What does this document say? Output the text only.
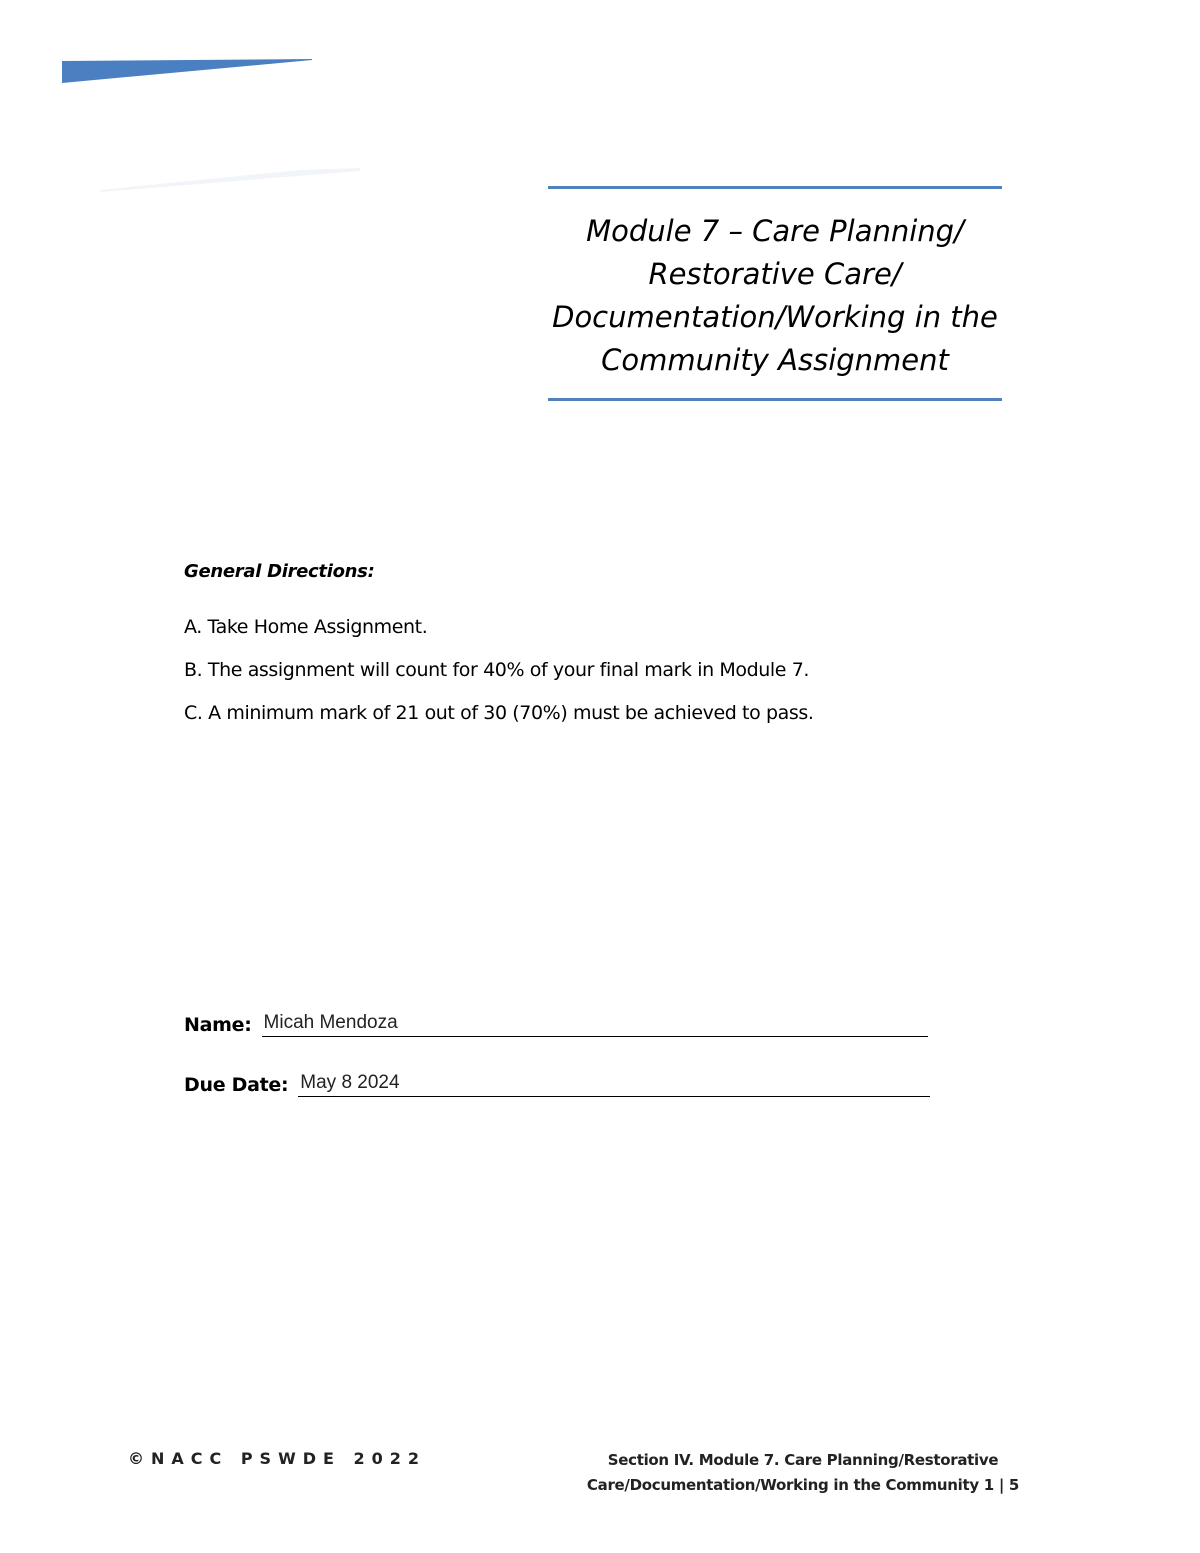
Module 7 – Care Planning/
Restorative Care/
Documentation/Working in the
Community Assignment
General Directions:
A. Take Home Assignment.
B. The assignment will count for 40% of your final mark in Module 7.
C. A minimum mark of 21 out of 30 (70%) must be achieved to pass.
Name: Micah Mendoza
Due Date: May 8 2024
©NACC PSWDE 2022	Section IV. Module 7. Care Planning/Restorative
Care/Documentation/Working in the Community 1 | 5
